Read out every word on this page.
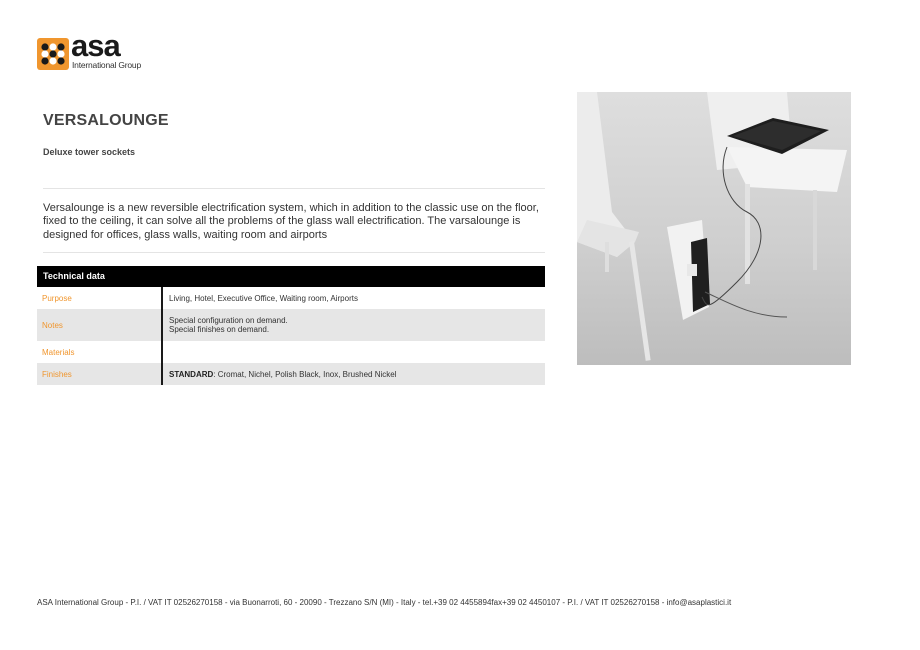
asa
International Group
VERSALOUNGE
Deluxe tower sockets
Versalounge is a new reversible electrification system, which in addition to the classic use on the floor, fixed to the ceiling, it can solve all the problems of the glass wall electrification. The varsalounge is designed for offices, glass walls, waiting room and airports
Technical data
Purpose	Living, Hotel, Executive Office, Waiting room, Airports
Notes	Special configuration on demand.
Special finishes on demand.
Materials
Finishes	STANDARD: Cromat, Nichel, Polish Black, Inox, Brushed Nickel
ASA International Group - P.I. / VAT IT 02526270158 - via Buonarroti, 60 - 20090 - Trezzano S/N (MI) - Italy - tel.+39 02 4455894fax+39 02 4450107 - P.I. / VAT IT 02526270158 - info@asaplastici.it
